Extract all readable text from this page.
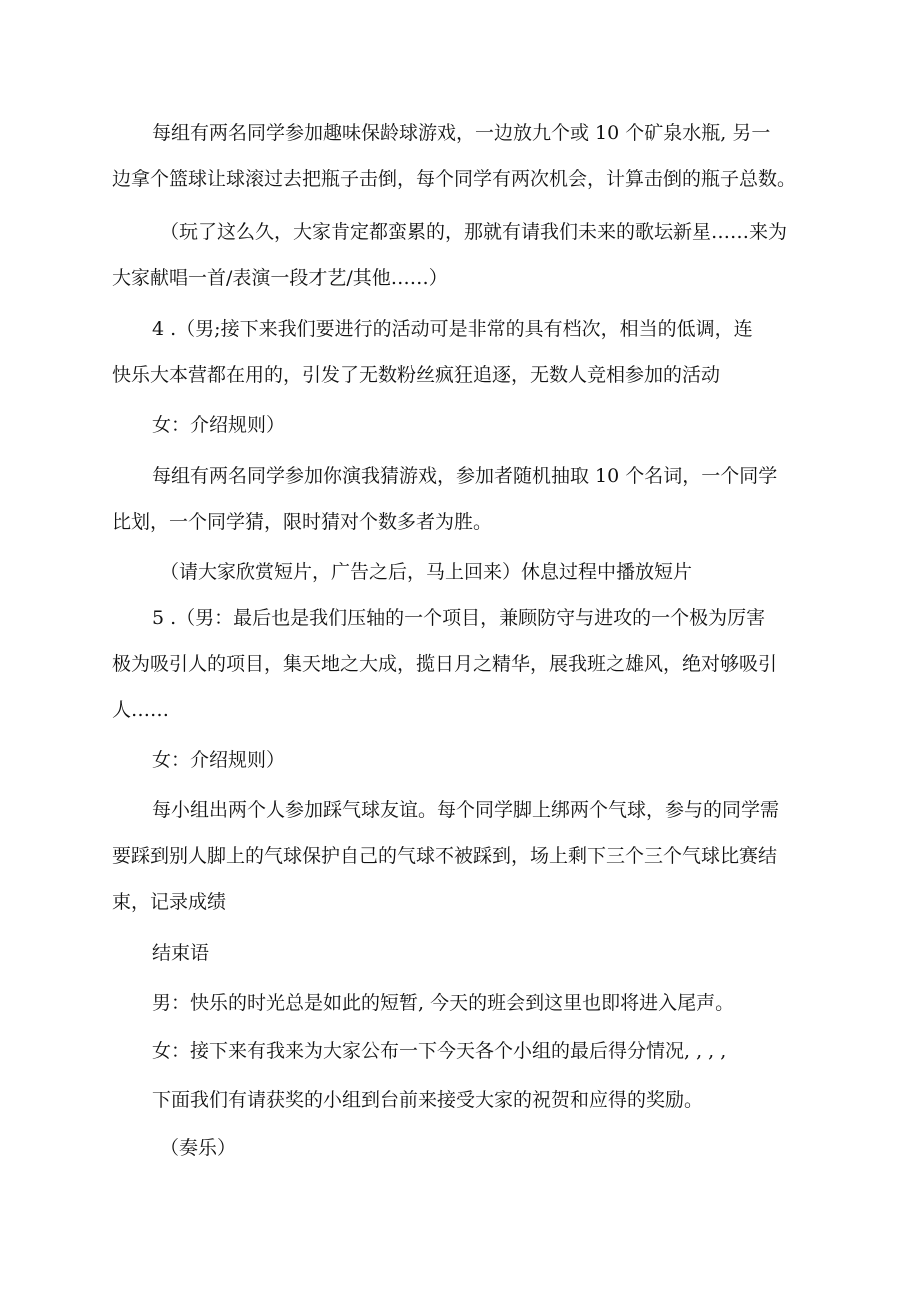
每组有两名同学参加趣味保龄球游戏，一边放九个或 10 个矿泉水瓶, 另一
边拿个篮球让球滚过去把瓶子击倒，每个同学有两次机会，计算击倒的瓶子总数。
（玩了这么久，大家肯定都蛮累的，那就有请我们未来的歌坛新星……来为
大家献唱一首/表演一段才艺/其他……）
4 .（男;接下来我们要进行的活动可是非常的具有档次，相当的低调，连
快乐大本营都在用的，引发了无数粉丝疯狂追逐，无数人竞相参加的活动
女：介绍规则）
每组有两名同学参加你演我猜游戏，参加者随机抽取 10 个名词，一个同学
比划，一个同学猜，限时猜对个数多者为胜。
（请大家欣赏短片，广告之后，马上回来）休息过程中播放短片
5 .（男：最后也是我们压轴的一个项目，兼顾防守与进攻的一个极为厉害
极为吸引人的项目，集天地之大成，揽日月之精华，展我班之雄风，绝对够吸引
人……
女：介绍规则）
每小组出两个人参加踩气球友谊。每个同学脚上绑两个气球，参与的同学需
要踩到别人脚上的气球保护自己的气球不被踩到，场上剩下三个三个气球比赛结
束，记录成绩
结束语
男：快乐的时光总是如此的短暂, 今天的班会到这里也即将进入尾声。
女：接下来有我来为大家公布一下今天各个小组的最后得分情况, , , ,
下面我们有请获奖的小组到台前来接受大家的祝贺和应得的奖励。
（奏乐）
